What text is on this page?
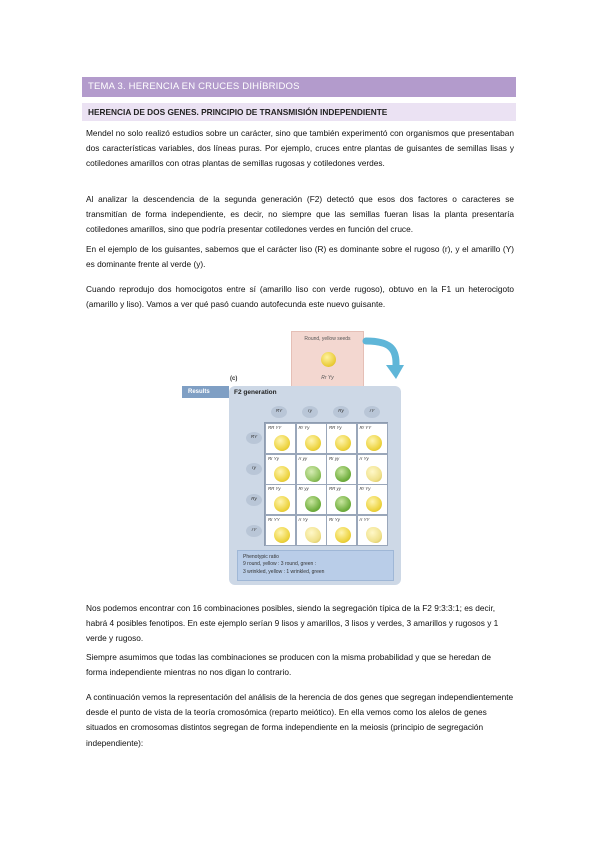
TEMA 3. HERENCIA EN CRUCES DIHÍBRIDOS
HERENCIA DE DOS GENES. PRINCIPIO DE TRANSMISIÓN INDEPENDIENTE

Mendel no solo realizó estudios sobre un carácter, sino que también experimentó con organismos que presentaban dos características variables, dos líneas puras. Por ejemplo, cruces entre plantas de guisantes de semillas lisas y cotiledones amarillos con otras plantas de semillas rugosas y cotiledones verdes.

Al analizar la descendencia de la segunda generación (F2) detectó que esos dos factores o caracteres se transmitían de forma independiente, es decir, no siempre que las semillas fueran lisas la planta presentaría cotiledones amarillos, sino que podría presentar cotiledones verdes en función del cruce.

En el ejemplo de los guisantes, sabemos que el carácter liso (R) es dominante sobre el rugoso (r), y el amarillo (Y) es dominante frente al verde (y).

Cuando reprodujo dos homocigotos entre sí (amarillo liso con verde rugoso), obtuvo en la F1 un heterocigoto (amarillo y liso). Vamos a ver qué pasó cuando autofecunda este nuevo guisante.

Round, yellow seeds
Rr Yy
(c)
F2 generation
RY	ry	Ry	rY
RY
ry
Ry
rY
RR YY	Rr Yy	RR Yy	Rr YY
Rr Yy	rr yy	Rr yy	rr Yy
RR Yy	Rr yy	RR yy	Rr Yy
Rr YY	rr Yy	Rr Yy	rr YY
Phenotypic ratio
9 round, yellow : 3 round, green :
3 wrinkled, yellow : 1 wrinkled, green
Results

Nos podemos encontrar con 16 combinaciones posibles, siendo la segregación típica de la F2 9:3:3:1; es decir, habrá 4 posibles fenotipos. En este ejemplo serían 9 lisos y amarillos, 3 lisos y verdes, 3 amarillos y rugosos y 1 verde y rugoso.

Siempre asumimos que todas las combinaciones se producen con la misma probabilidad y que se heredan de forma independiente mientras no nos digan lo contrario.

A continuación vemos la representación del análisis de la herencia de dos genes que segregan independientemente desde el punto de vista de la teoría cromosómica (reparto meiótico). En ella vemos como los alelos de genes situados en cromosomas distintos segregan de forma independiente en la meiosis (principio de segregación independiente):
